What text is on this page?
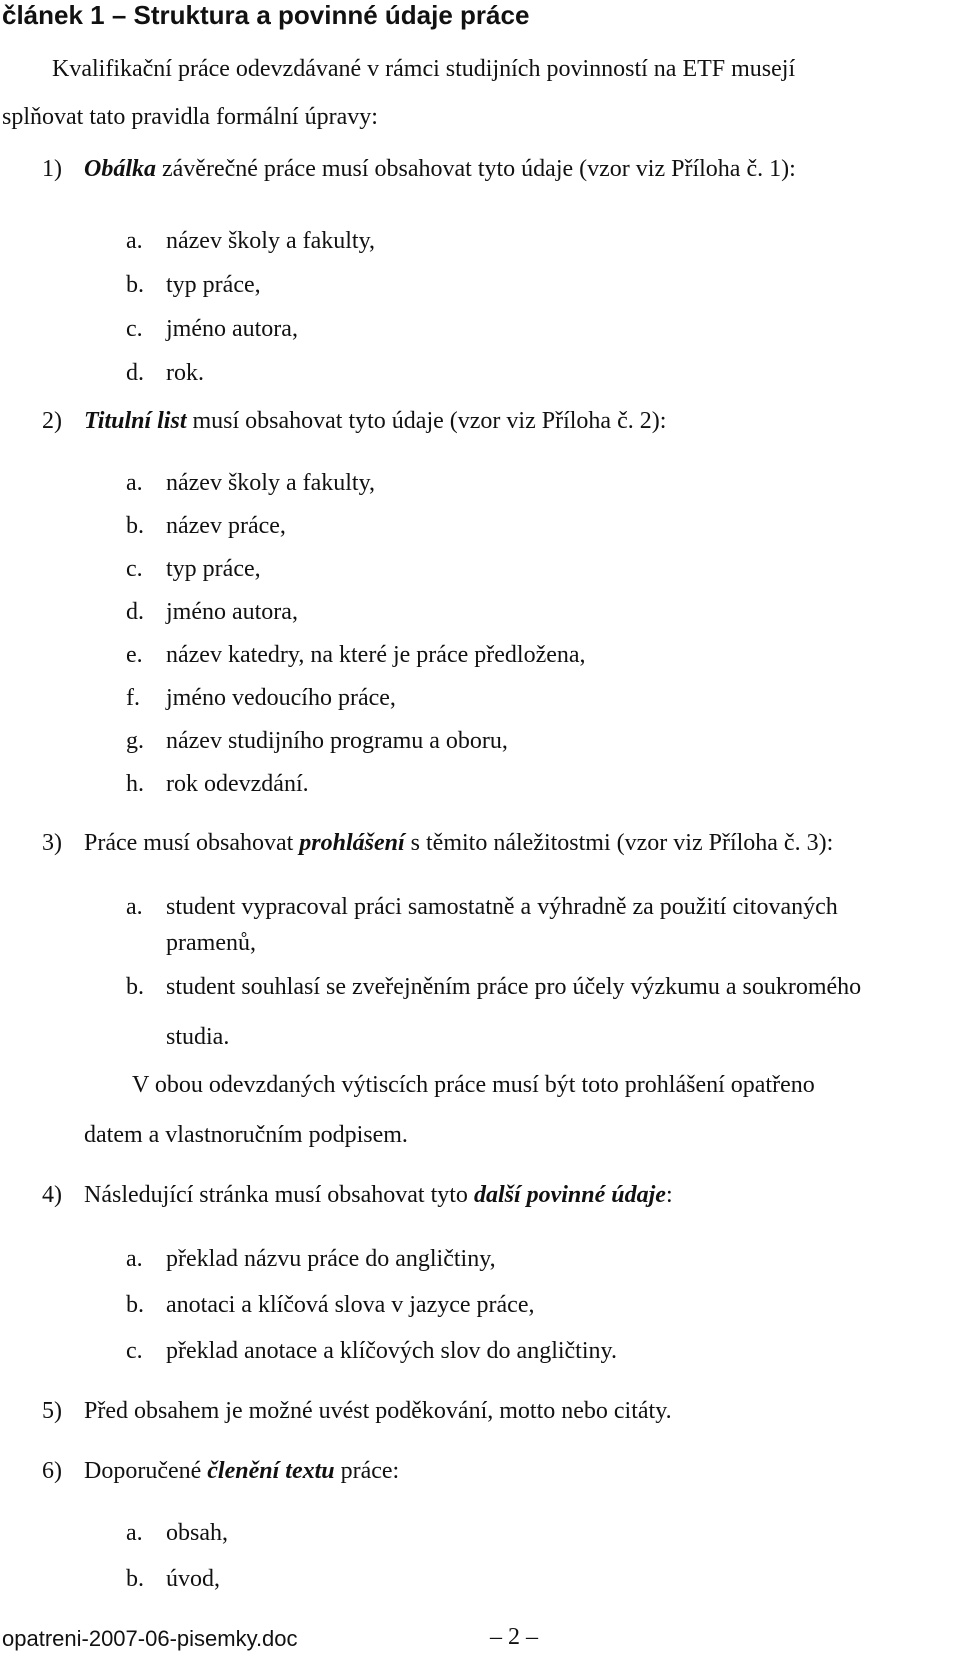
článek 1 – Struktura a povinné údaje práce
Kvalifikační práce odevzdávané v rámci studijních povinností na ETF musejí
splňovat tato pravidla formální úpravy:
1) Obálka závěrečné práce musí obsahovat tyto údaje (vzor viz Příloha č. 1):
a. název školy a fakulty,
b. typ práce,
c. jméno autora,
d. rok.
2) Titulní list musí obsahovat tyto údaje (vzor viz Příloha č. 2):
a. název školy a fakulty,
b. název práce,
c. typ práce,
d. jméno autora,
e. název katedry, na které je práce předložena,
f. jméno vedoucího práce,
g. název studijního programu a oboru,
h. rok odevzdání.
3) Práce musí obsahovat prohlášení s těmito náležitostmi (vzor viz Příloha č. 3):
a. student vypracoval práci samostatně a výhradně za použití citovaných
pramenů,
b. student souhlasí se zveřejněním práce pro účely výzkumu a soukromého
studia.
V obou odevzdaných výtiscích práce musí být toto prohlášení opatřeno
datem a vlastnoručním podpisem.
4) Následující stránka musí obsahovat tyto další povinné údaje:
a. překlad názvu práce do angličtiny,
b. anotaci a klíčová slova v jazyce práce,
c. překlad anotace a klíčových slov do angličtiny.
5) Před obsahem je možné uvést poděkování, motto nebo citáty.
6) Doporučené členění textu práce:
a. obsah,
b. úvod,
opatreni-2007-06-pisemky.doc	– 2 –
